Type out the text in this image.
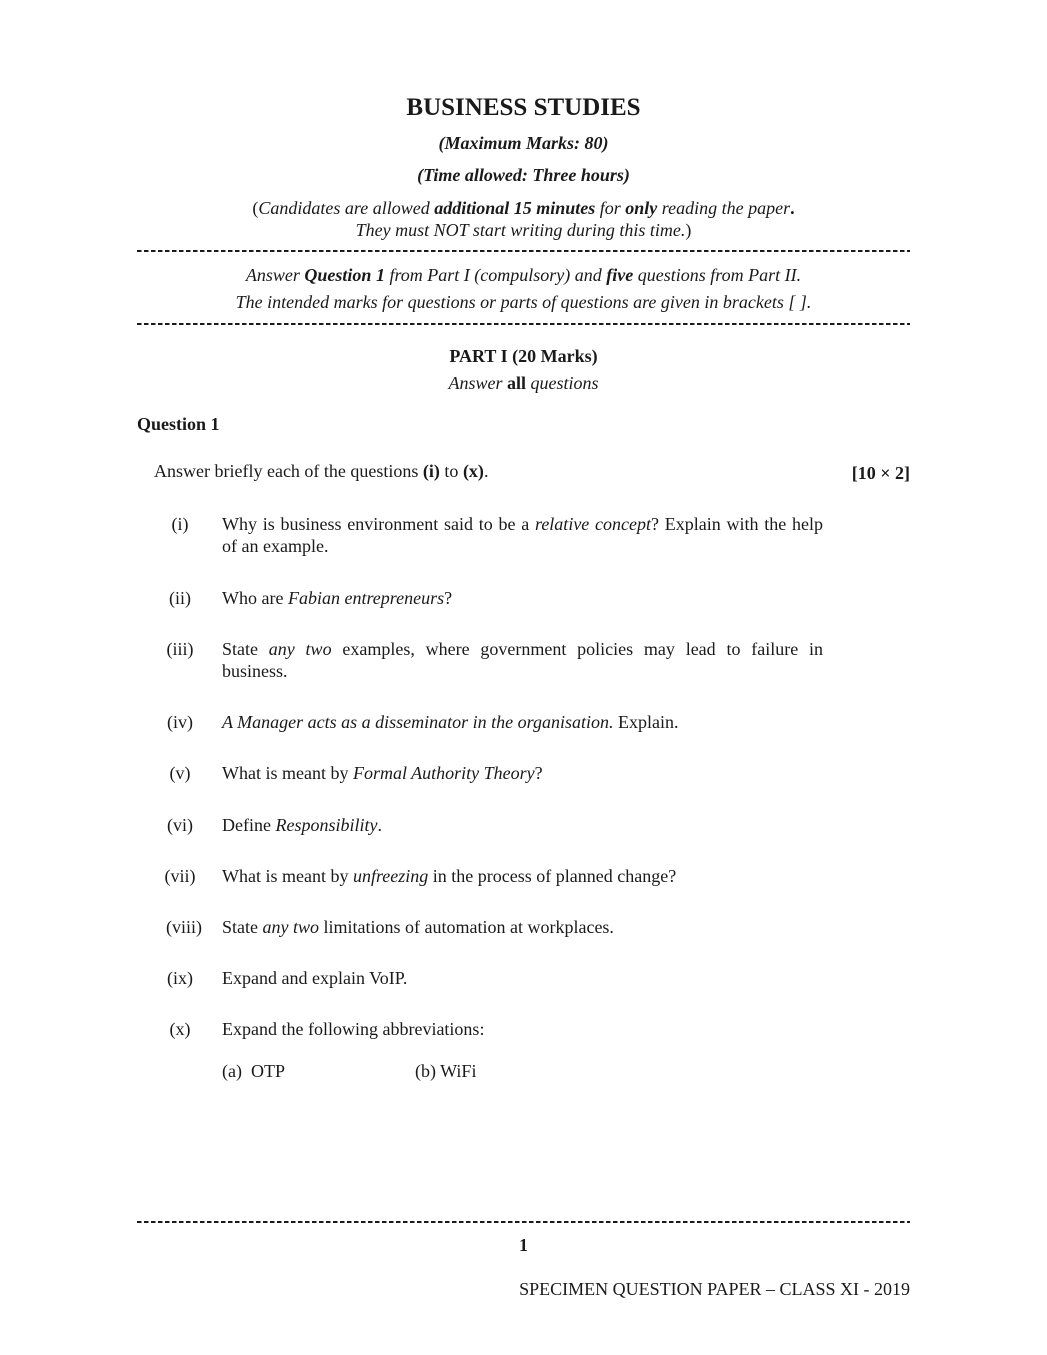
BUSINESS STUDIES
(Maximum Marks: 80)
(Time allowed: Three hours)
(Candidates are allowed additional 15 minutes for only reading the paper.
They must NOT start writing during this time.)
Answer Question 1 from Part I (compulsory) and five questions from Part II.
The intended marks for questions or parts of questions are given in brackets [ ].
PART I (20 Marks)
Answer all questions
Question 1
Answer briefly each of the questions (i) to (x).	[10 × 2]
(i)	Why is business environment said to be a relative concept? Explain with the help of an example.
(ii)	Who are Fabian entrepreneurs?
(iii)	State any two examples, where government policies may lead to failure in business.
(iv)	A Manager acts as a disseminator in the organisation. Explain.
(v)	What is meant by Formal Authority Theory?
(vi)	Define Responsibility.
(vii)	What is meant by unfreezing in the process of planned change?
(viii)	State any two limitations of automation at workplaces.
(ix)	Expand and explain VoIP.
(x)	Expand the following abbreviations:
(a)  OTP	(b) WiFi
1
SPECIMEN QUESTION PAPER – CLASS XI - 2019
